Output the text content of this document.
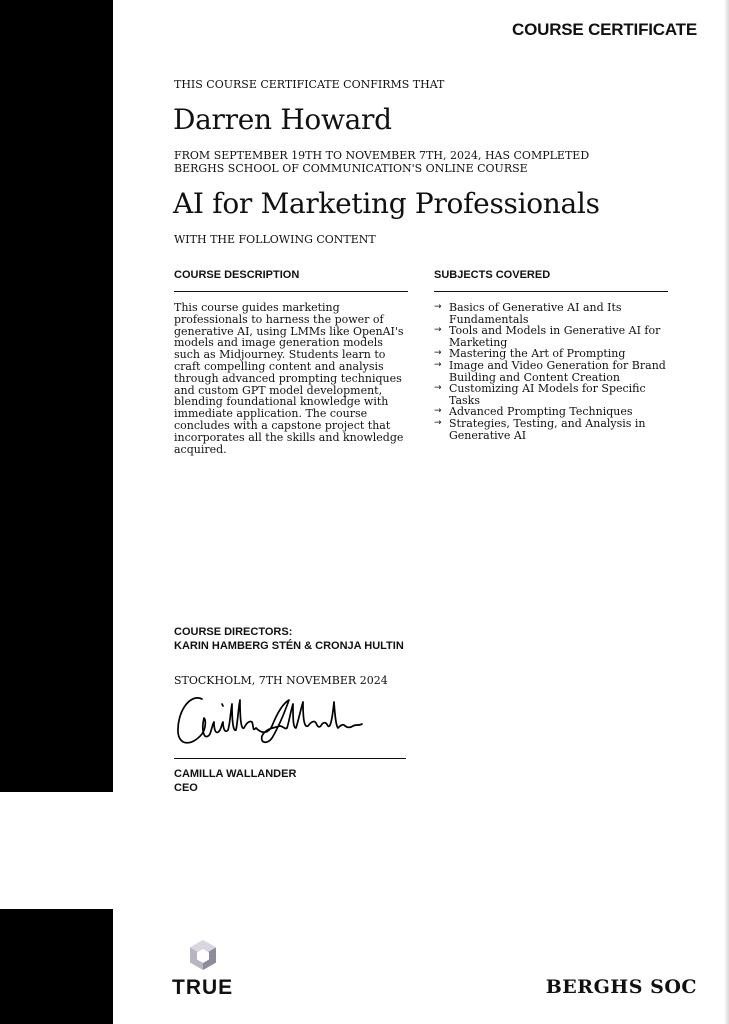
COURSE CERTIFICATE
THIS COURSE CERTIFICATE CONFIRMS THAT
Darren Howard
FROM SEPTEMBER 19TH TO NOVEMBER 7TH, 2024, HAS COMPLETED
BERGHS SCHOOL OF COMMUNICATION'S ONLINE COURSE
AI for Marketing Professionals
WITH THE FOLLOWING CONTENT
COURSE DESCRIPTION
This course guides marketing professionals to harness the power of generative AI, using LMMs like OpenAI's models and image generation models such as Midjourney. Students learn to craft compelling content and analysis through advanced prompting techniques and custom GPT model development, blending foundational knowledge with immediate application. The course concludes with a capstone project that incorporates all the skills and knowledge acquired.
SUBJECTS COVERED
→ Basics of Generative AI and Its Fundamentals
→ Tools and Models in Generative AI for Marketing
→ Mastering the Art of Prompting
→ Image and Video Generation for Brand Building and Content Creation
→ Customizing AI Models for Specific Tasks
→ Advanced Prompting Techniques
→ Strategies, Testing, and Analysis in Generative AI
COURSE DIRECTORS:
KARIN HAMBERG STÉN & CRONJA HULTIN
STOCKHOLM, 7TH NOVEMBER 2024
CAMILLA WALLANDER
CEO
TRUE	BERGHS SOC
